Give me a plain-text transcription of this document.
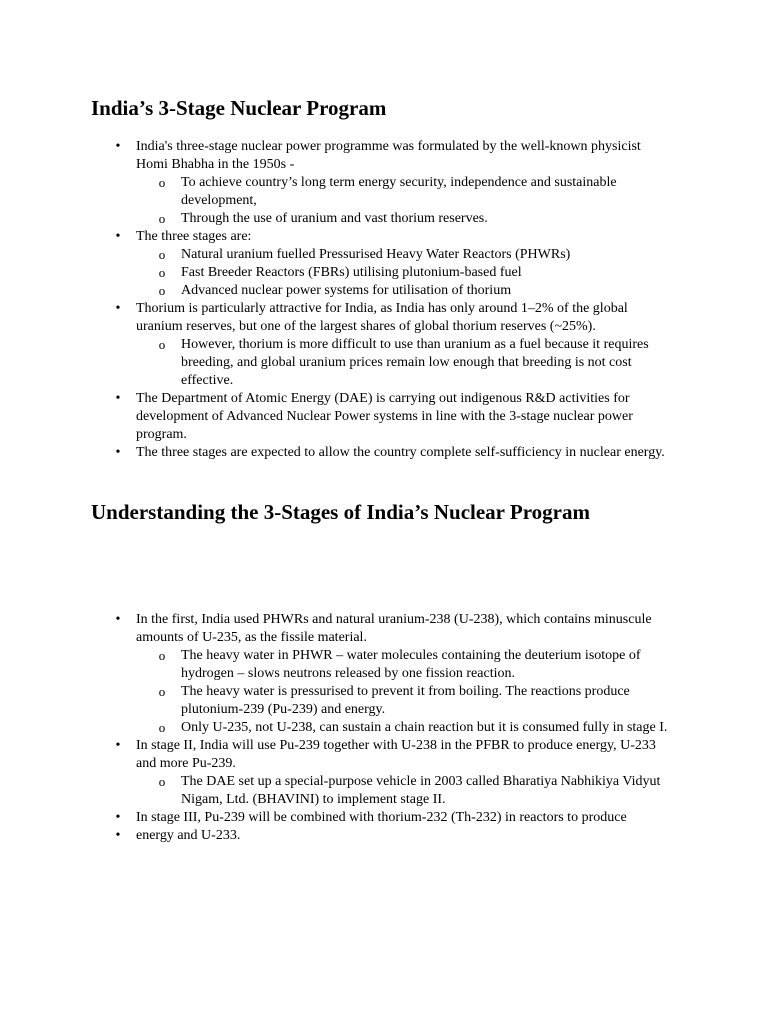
India’s 3-Stage Nuclear Program
• India's three-stage nuclear power programme was formulated by the well-known physicist Homi Bhabha in the 1950s -
o To achieve country’s long term energy security, independence and sustainable development,
o Through the use of uranium and vast thorium reserves.
• The three stages are:
o Natural uranium fuelled Pressurised Heavy Water Reactors (PHWRs)
o Fast Breeder Reactors (FBRs) utilising plutonium-based fuel
o Advanced nuclear power systems for utilisation of thorium
• Thorium is particularly attractive for India, as India has only around 1–2% of the global uranium reserves, but one of the largest shares of global thorium reserves (~25%).
o However, thorium is more difficult to use than uranium as a fuel because it requires breeding, and global uranium prices remain low enough that breeding is not cost effective.
• The Department of Atomic Energy (DAE) is carrying out indigenous R&D activities for development of Advanced Nuclear Power systems in line with the 3-stage nuclear power program.
• The three stages are expected to allow the country complete self-sufficiency in nuclear energy.
Understanding the 3-Stages of India’s Nuclear Program
• In the first, India used PHWRs and natural uranium-238 (U-238), which contains minuscule amounts of U-235, as the fissile material.
o The heavy water in PHWR – water molecules containing the deuterium isotope of hydrogen – slows neutrons released by one fission reaction.
o The heavy water is pressurised to prevent it from boiling. The reactions produce plutonium-239 (Pu-239) and energy.
o Only U-235, not U-238, can sustain a chain reaction but it is consumed fully in stage I.
• In stage II, India will use Pu-239 together with U-238 in the PFBR to produce energy, U-233 and more Pu-239.
o The DAE set up a special-purpose vehicle in 2003 called Bharatiya Nabhikiya Vidyut Nigam, Ltd. (BHAVINI) to implement stage II.
• In stage III, Pu-239 will be combined with thorium-232 (Th-232) in reactors to produce
• energy and U-233.
